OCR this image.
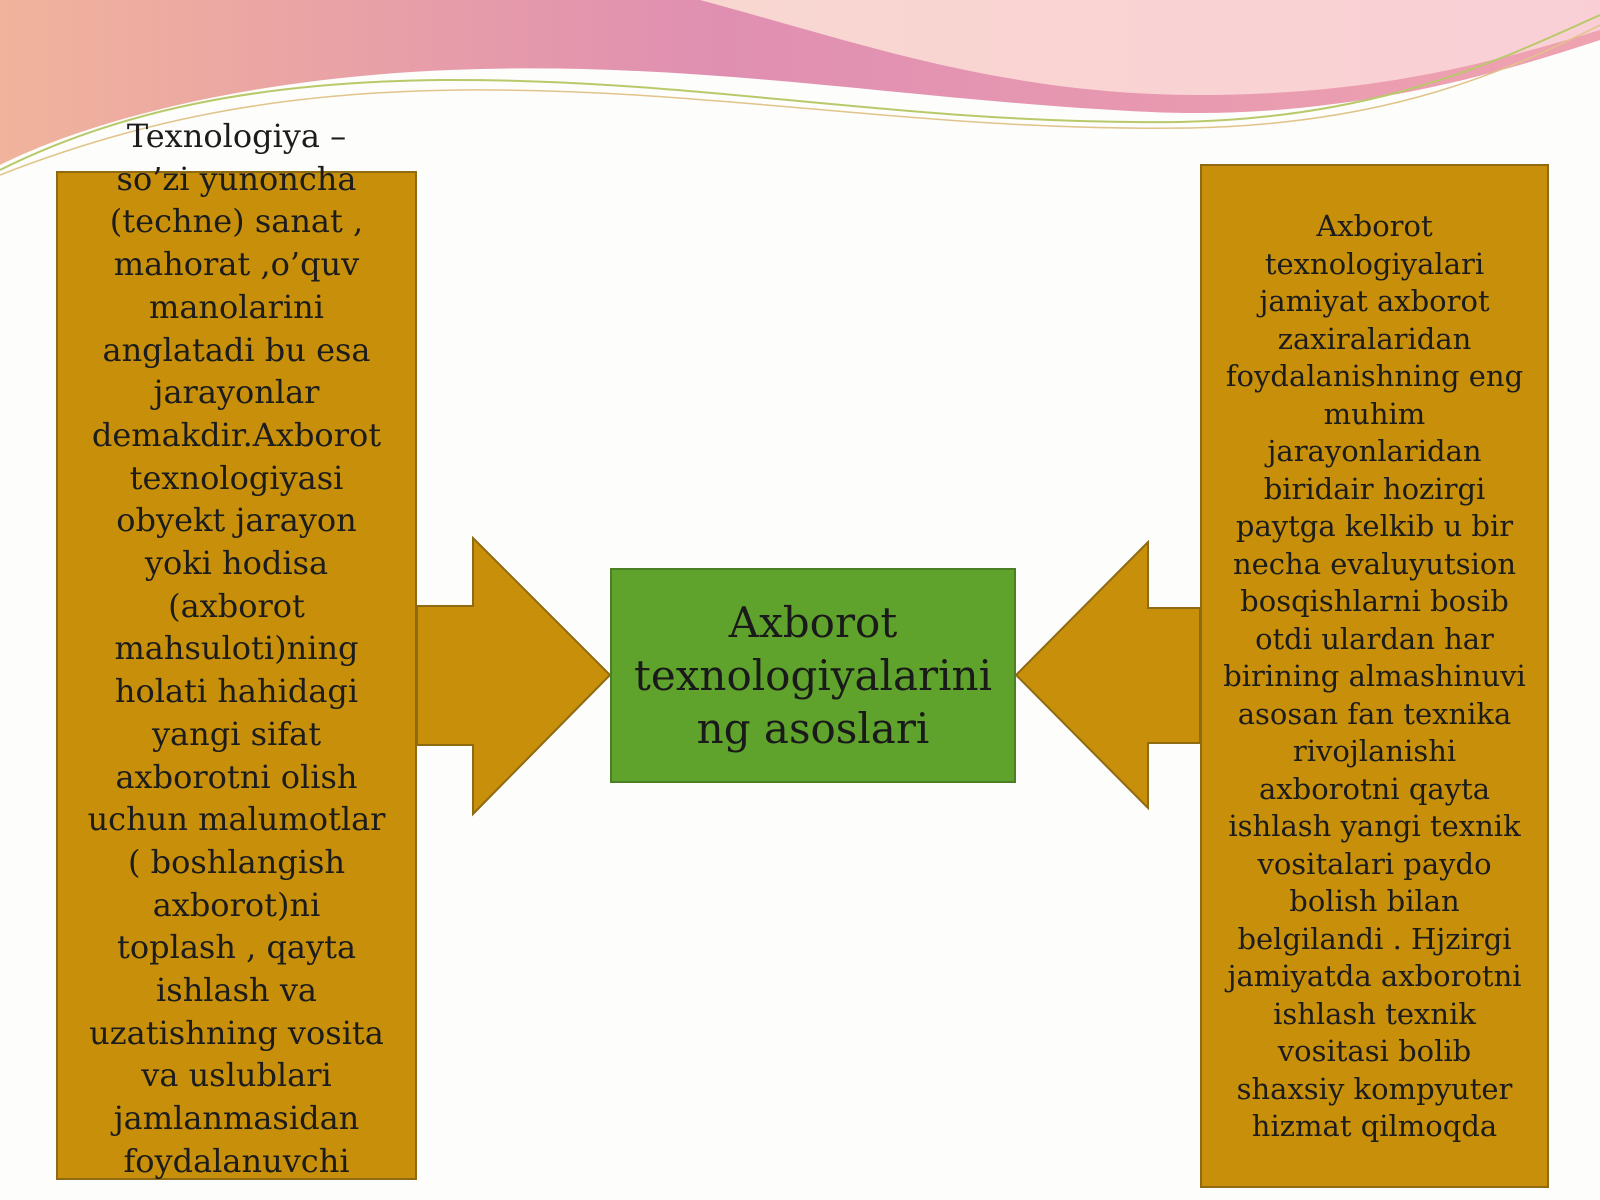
Texnologiya –
so’zi yunoncha
(techne) sanat ,
mahorat ,o’quv
manolarini
anglatadi bu esa
jarayonlar
demakdir.Axborot
texnologiyasi
obyekt jarayon
yoki hodisa
(axborot
mahsuloti)ning
holati hahidagi
yangi sifat
axborotni olish
uchun malumotlar
( boshlangish
axborot)ni
toplash , qayta
ishlash va
uzatishning vosita
va uslublari
jamlanmasidan
foydalanuvchi

Axborot
texnologiyalari
jamiyat axborot
zaxiralaridan
foydalanishning eng
muhim
jarayonlaridan
biridair hozirgi
paytga kelkib u bir
necha evaluyutsion
bosqishlarni bosib
otdi ulardan har
birining almashinuvi
asosan fan texnika
rivojlanishi
axborotni qayta
ishlash yangi texnik
vositalari paydo
bolish bilan
belgilandi . Hjzirgi
jamiyatda axborotni
ishlash texnik
vositasi bolib
shaxsiy kompyuter
hizmat qilmoqda

Axborot
texnologiyalarini
ng asoslari
